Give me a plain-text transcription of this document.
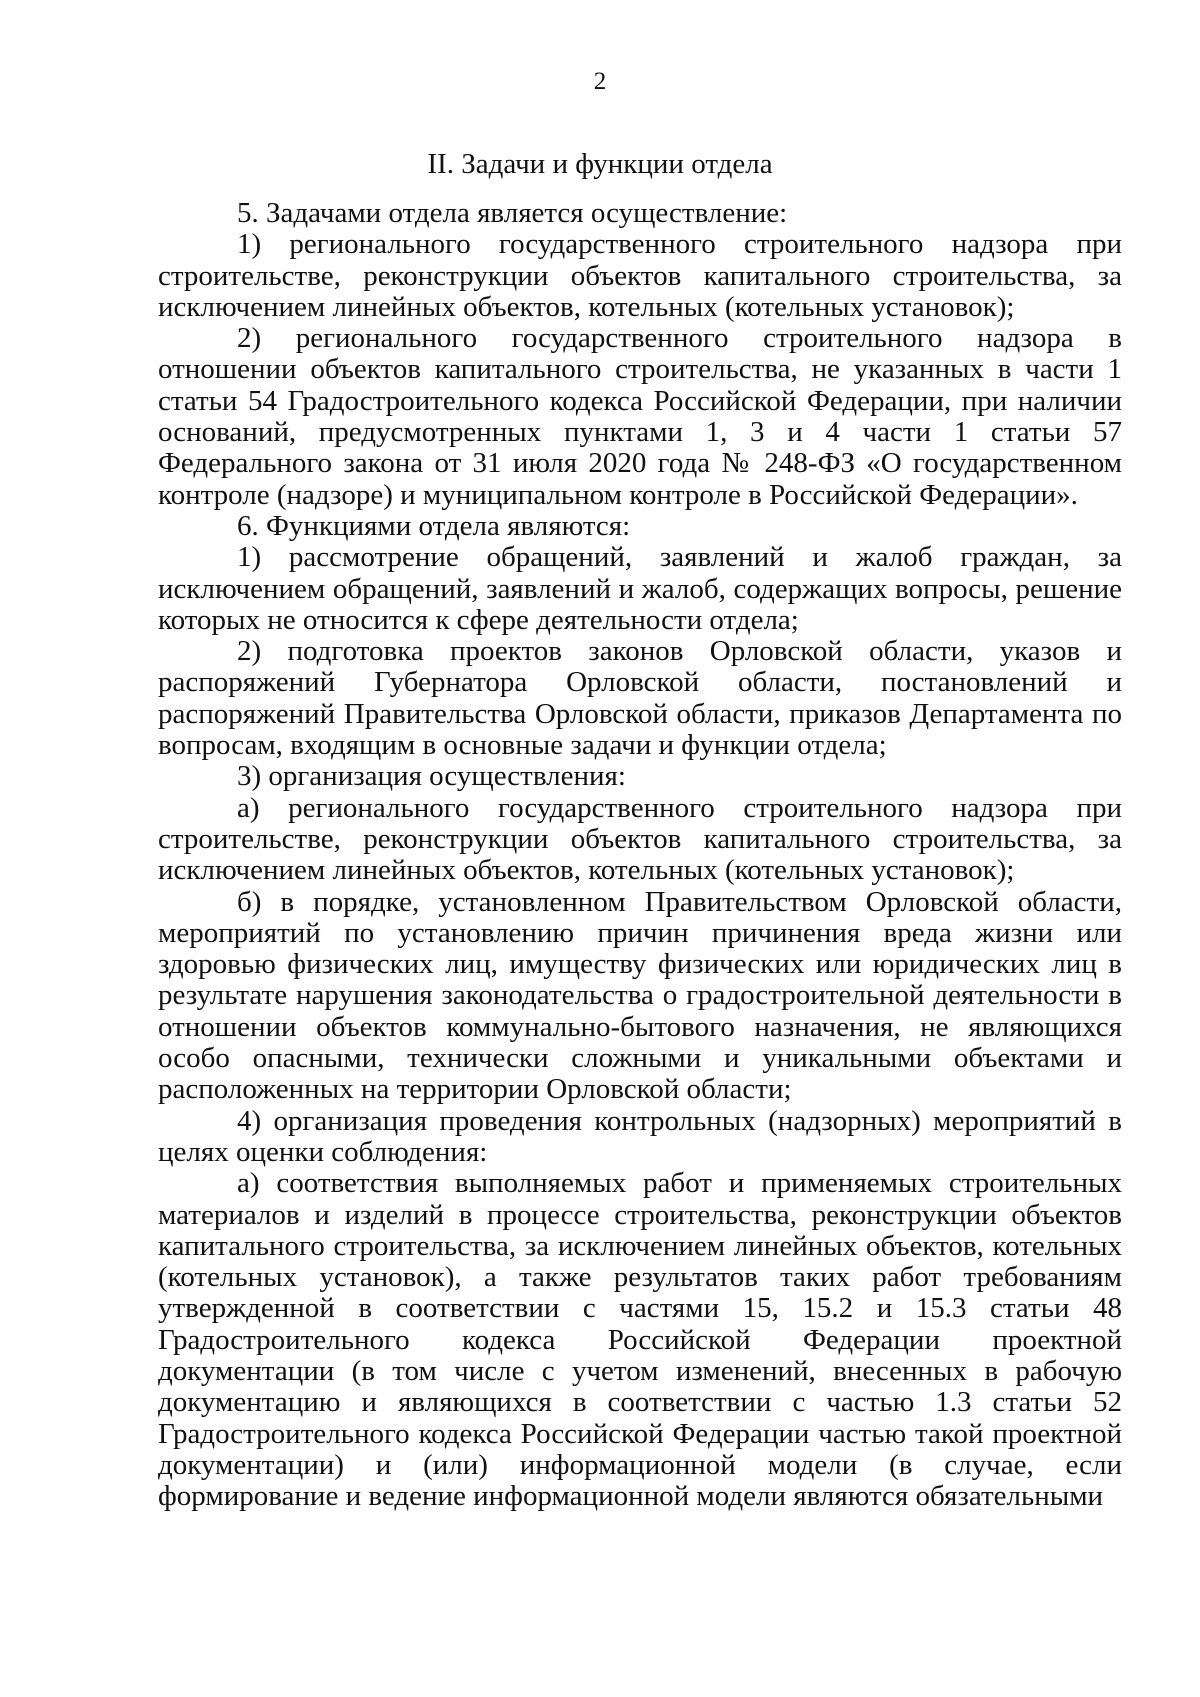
2
II. Задачи и функции отдела

5. Задачами отдела является осуществление:

1) регионального государственного строительного надзора при строительстве, реконструкции объектов капитального строительства, за исключением линейных объектов, котельных (котельных установок);

2) регионального государственного строительного надзора в отношении объектов капитального строительства, не указанных в части 1 статьи 54 Градостроительного кодекса Российской Федерации, при наличии оснований, предусмотренных пунктами 1, 3 и 4 части 1 статьи 57 Федерального закона от 31 июля 2020 года № 248-ФЗ «О государственном контроле (надзоре) и муниципальном контроле в Российской Федерации».

6. Функциями отдела являются:

1) рассмотрение обращений, заявлений и жалоб граждан, за исключением обращений, заявлений и жалоб, содержащих вопросы, решение которых не относится к сфере деятельности отдела;

2) подготовка проектов законов Орловской области, указов и распоряжений Губернатора Орловской области, постановлений и распоряжений Правительства Орловской области, приказов Департамента по вопросам, входящим в основные задачи и функции отдела;

3) организация осуществления:

а) регионального государственного строительного надзора при строительстве, реконструкции объектов капитального строительства, за исключением линейных объектов, котельных (котельных установок);

б) в порядке, установленном Правительством Орловской области, мероприятий по установлению причин причинения вреда жизни или здоровью физических лиц, имуществу физических или юридических лиц в результате нарушения законодательства о градостроительной деятельности в отношении объектов коммунально-бытового назначения, не являющихся особо опасными, технически сложными и уникальными объектами и расположенных на территории Орловской области;

4) организация проведения контрольных (надзорных) мероприятий в целях оценки соблюдения:

а) соответствия выполняемых работ и применяемых строительных материалов и изделий в процессе строительства, реконструкции объектов капитального строительства, за исключением линейных объектов, котельных (котельных установок), а также результатов таких работ требованиям утвержденной в соответствии с частями 15, 15.2 и 15.3 статьи 48 Градостроительного кодекса Российской Федерации проектной документации (в том числе с учетом изменений, внесенных в рабочую документацию и являющихся в соответствии с частью 1.3 статьи 52 Градостроительного кодекса Российской Федерации частью такой проектной документации) и (или) информационной модели (в случае, если формирование и ведение информационной модели являются обязательными
